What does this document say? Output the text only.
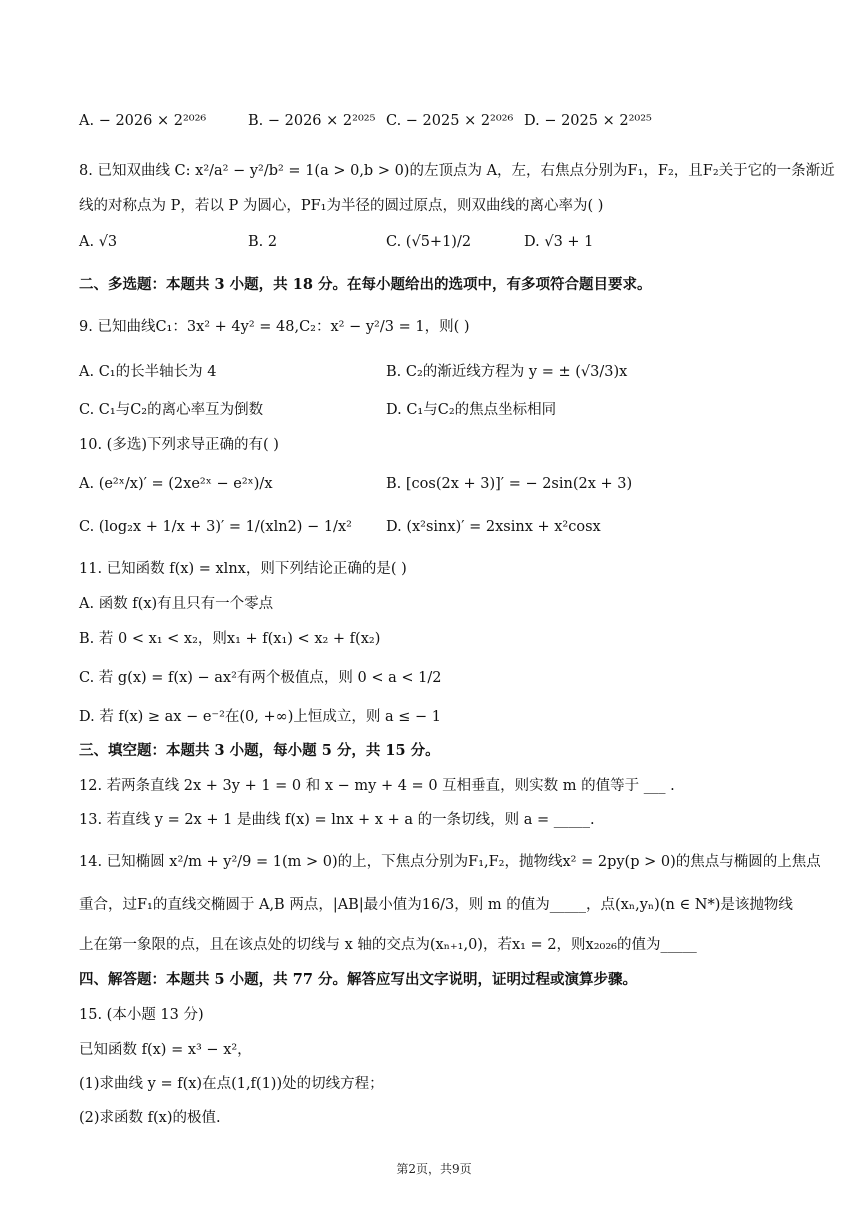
A. − 2026 × 2²⁰²⁶	B. − 2026 × 2²⁰²⁵ C. − 2025 × 2²⁰²⁶ D. − 2025 × 2²⁰²⁵
8. 已知双曲线 C: x²/a² − y²/b² = 1(a > 0,b > 0)的左顶点为 A，左，右焦点分别为F₁，F₂，且F₂关于它的一条渐近
线的对称点为 P，若以 P 为圆心，PF₁为半径的圆过原点，则双曲线的离心率为( )
A. √3	B. 2	C. (√5+1)/2	D. √3 + 1
二、多选题：本题共 3 小题，共 18 分。在每小题给出的选项中，有多项符合题目要求。
9. 已知曲线C₁：3x² + 4y² = 48,C₂：x² − y²/3 = 1，则( )
A. C₁的长半轴长为 4	B. C₂的渐近线方程为 y = ± (√3/3)x
C. C₁与C₂的离心率互为倒数	D. C₁与C₂的焦点坐标相同
10. (多选)下列求导正确的有( )
A. (e²ˣ/x)′ = (2xe²ˣ − e²ˣ)/x	B. [cos(2x + 3)]′ = − 2sin(2x + 3)
C. (log₂x + 1/x + 3)′ = 1/(xln2) − 1/x² D. (x²sinx)′ = 2xsinx + x²cosx
11. 已知函数 f(x) = xlnx，则下列结论正确的是( )
A. 函数 f(x)有且只有一个零点
B. 若 0 < x₁ < x₂，则x₁ + f(x₁) < x₂ + f(x₂)
C. 若 g(x) = f(x) − ax²有两个极值点，则 0 < a < 1/2
D. 若 f(x) ≥ ax − e⁻²在(0, +∞)上恒成立，则 a ≤ − 1
三、填空题：本题共 3 小题，每小题 5 分，共 15 分。
12. 若两条直线 2x + 3y + 1 = 0 和 x − my + 4 = 0 互相垂直，则实数 m 的值等于 ___ .
13. 若直线 y = 2x + 1 是曲线 f(x) = lnx + x + a 的一条切线，则 a = _____.
14. 已知椭圆 x²/m + y²/9 = 1(m > 0)的上，下焦点分别为F₁,F₂，抛物线x² = 2py(p > 0)的焦点与椭圆的上焦点
重合，过F₁的直线交椭圆于 A,B 两点，|AB|最小值为16/3，则 m 的值为_____，点(xₙ,yₙ)(n ∈ N*)是该抛物线
上在第一象限的点，且在该点处的切线与 x 轴的交点为(xₙ₊₁,0)，若x₁ = 2，则x₂₀₂₆的值为_____
四、解答题：本题共 5 小题，共 77 分。解答应写出文字说明，证明过程或演算步骤。
15. (本小题 13 分)
已知函数 f(x) = x³ − x²，
(1)求曲线 y = f(x)在点(1,f(1))处的切线方程；
(2)求函数 f(x)的极值.
第2页，共9页
